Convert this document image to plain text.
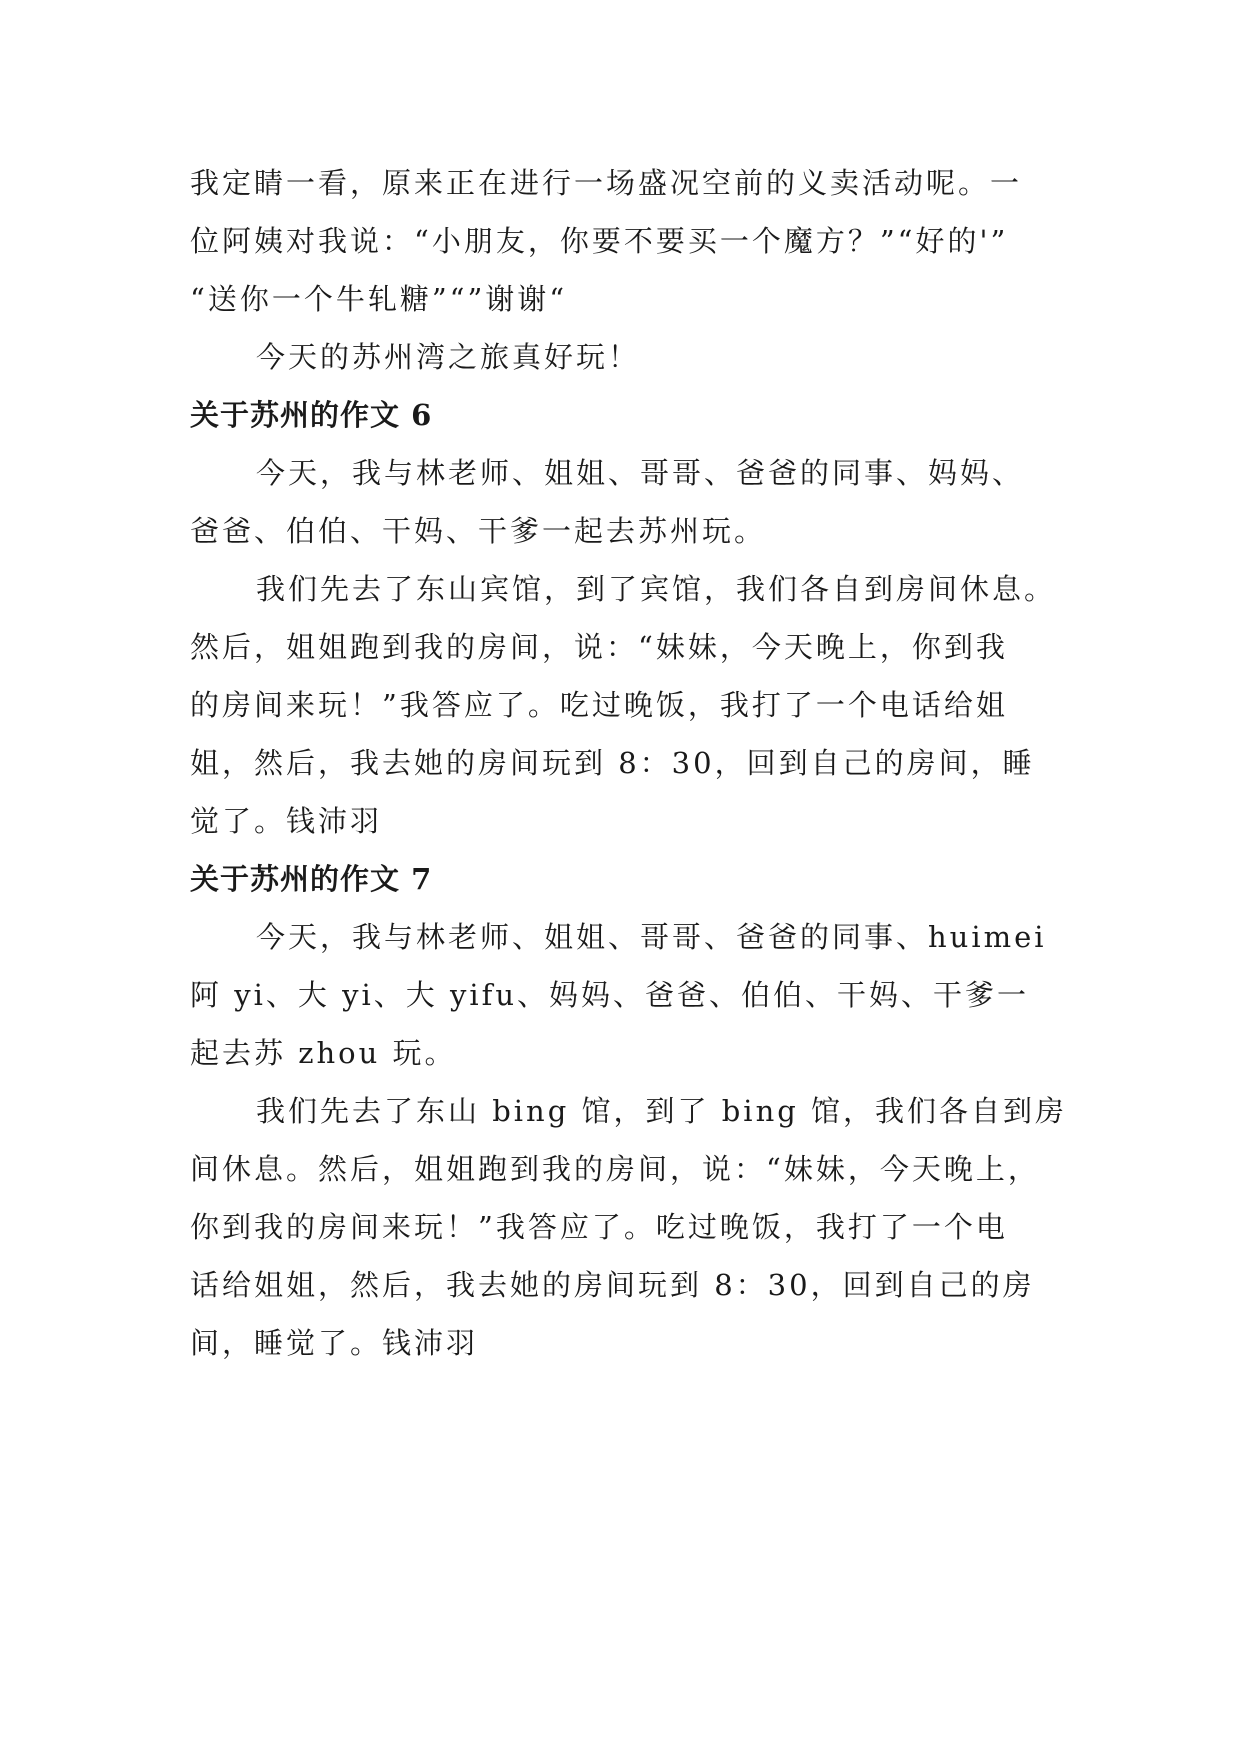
我定睛一看，原来正在进行一场盛况空前的义卖活动呢。一
位阿姨对我说：“小朋友，你要不要买一个魔方？”“好的'”
“送你一个牛轧糖”“”谢谢“

今天的苏州湾之旅真好玩！

关于苏州的作文 6

今天，我与林老师、姐姐、哥哥、爸爸的同事、妈妈、
爸爸、伯伯、干妈、干爹一起去苏州玩。

我们先去了东山宾馆，到了宾馆，我们各自到房间休息。
然后，姐姐跑到我的房间，说：“妹妹，今天晚上，你到我
的房间来玩！”我答应了。吃过晚饭，我打了一个电话给姐
姐，然后，我去她的房间玩到 8：30，回到自己的房间，睡
觉了。钱沛羽

关于苏州的作文 7

今天，我与林老师、姐姐、哥哥、爸爸的同事、huimei
阿 yi、大 yi、大 yifu、妈妈、爸爸、伯伯、干妈、干爹一
起去苏 zhou 玩。

我们先去了东山 bing 馆，到了 bing 馆，我们各自到房
间休息。然后，姐姐跑到我的房间，说：“妹妹，今天晚上，
你到我的房间来玩！”我答应了。吃过晚饭，我打了一个电
话给姐姐，然后，我去她的房间玩到 8：30，回到自己的房
间，睡觉了。钱沛羽
